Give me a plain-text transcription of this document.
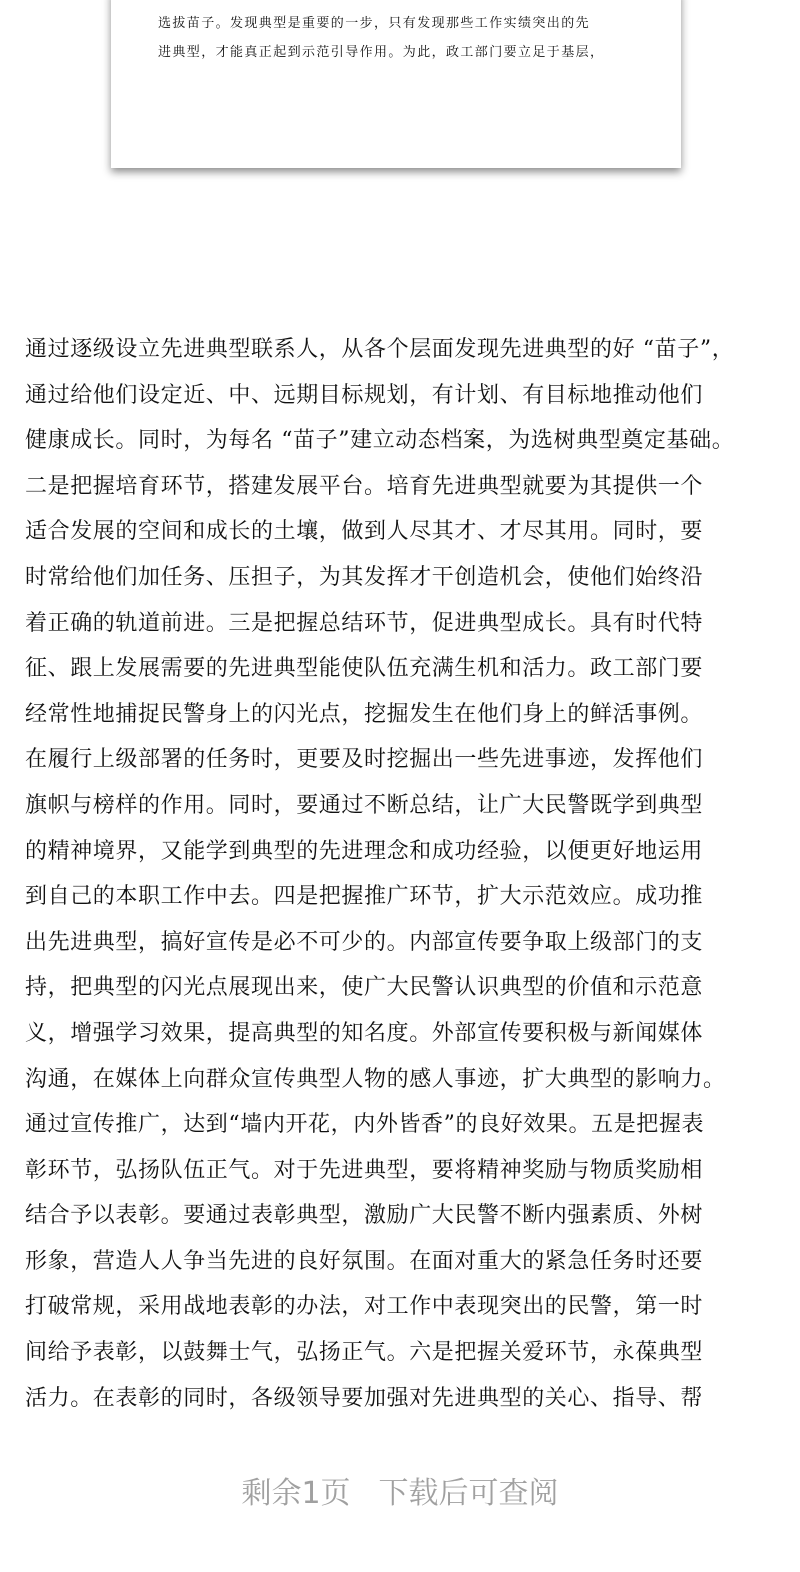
选拔苗子。发现典型是重要的一步，只有发现那些工作实绩突出的先

进典型，才能真正起到示范引导作用。为此，政工部门要立足于基层，

通过逐级设立先进典型联系人，从各个层面发现先进典型的好 “苗子”，

通过给他们设定近、中、远期目标规划，有计划、有目标地推动他们

健康成长。同时，为每名 “苗子”建立动态档案，为选树典型奠定基础。

二是把握培育环节，搭建发展平台。培育先进典型就要为其提供一个

适合发展的空间和成长的土壤，做到人尽其才、才尽其用。同时，要

时常给他们加任务、压担子，为其发挥才干创造机会，使他们始终沿

着正确的轨道前进。三是把握总结环节，促进典型成长。具有时代特

征、跟上发展需要的先进典型能使队伍充满生机和活力。政工部门要

经常性地捕捉民警身上的闪光点，挖掘发生在他们身上的鲜活事例。

在履行上级部署的任务时，更要及时挖掘出一些先进事迹，发挥他们

旗帜与榜样的作用。同时，要通过不断总结，让广大民警既学到典型

的精神境界，又能学到典型的先进理念和成功经验，以便更好地运用

到自己的本职工作中去。四是把握推广环节，扩大示范效应。成功推

出先进典型，搞好宣传是必不可少的。内部宣传要争取上级部门的支

持，把典型的闪光点展现出来，使广大民警认识典型的价值和示范意

义，增强学习效果，提高典型的知名度。外部宣传要积极与新闻媒体

沟通，在媒体上向群众宣传典型人物的感人事迹，扩大典型的影响力。

通过宣传推广，达到“墙内开花，内外皆香”的良好效果。五是把握表

彰环节，弘扬队伍正气。对于先进典型，要将精神奖励与物质奖励相

结合予以表彰。要通过表彰典型，激励广大民警不断内强素质、外树

形象，营造人人争当先进的良好氛围。在面对重大的紧急任务时还要

打破常规，采用战地表彰的办法，对工作中表现突出的民警，第一时

间给予表彰，以鼓舞士气，弘扬正气。六是把握关爱环节，永葆典型

活力。在表彰的同时，各级领导要加强对先进典型的关心、指导、帮

剩余1页 下载后可查阅
